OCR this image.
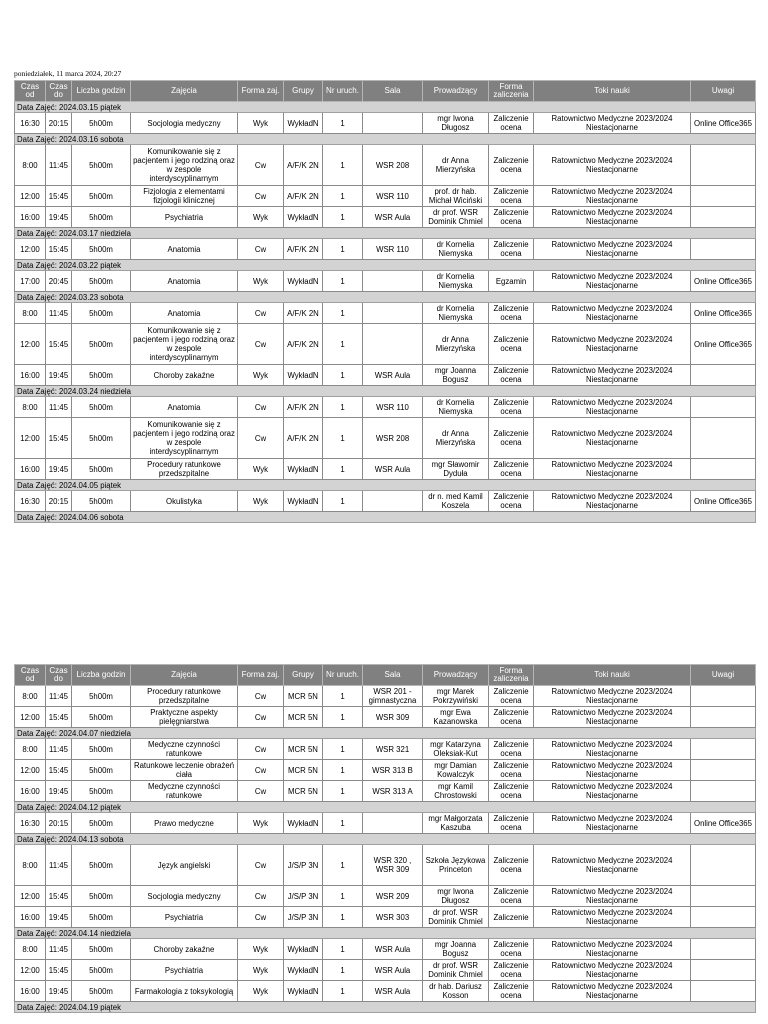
poniedziałek, 11 marca 2024, 20:27
Czas od	Czas do	Liczba godzin	Zajęcia	Forma zaj.	Grupy	Nr uruch.	Sala	Prowadzący	Forma zaliczenia	Toki nauki	Uwagi
Data Zajęć: 2024.03.15 piątek											
16:30	20:15	5h00m	Socjologia medyczny	Wyk	WykładN	1		mgr Iwona Długosz	Zaliczenie ocena	Ratownictwo Medyczne 2023/2024 Niestacjonarne	Online Office365
Data Zajęć: 2024.03.16 sobota											
8:00	11:45	5h00m	Komunikowanie się z pacjentem i jego rodziną oraz w zespole interdyscyplinarnym	Cw	A/F/K 2N	1	WSR 208	dr Anna Mierzyńska	Zaliczenie ocena	Ratownictwo Medyczne 2023/2024 Niestacjonarne	
12:00	15:45	5h00m	Fizjologia z elementami fizjologii klinicznej	Cw	A/F/K 2N	1	WSR 110	prof. dr hab. Michał Wiciński	Zaliczenie ocena	Ratownictwo Medyczne 2023/2024 Niestacjonarne	
16:00	19:45	5h00m	Psychiatria	Wyk	WykładN	1	WSR Aula	dr prof. WSR Dominik Chmiel	Zaliczenie ocena	Ratownictwo Medyczne 2023/2024 Niestacjonarne	
Data Zajęć: 2024.03.17 niedziela											
12:00	15:45	5h00m	Anatomia	Cw	A/F/K 2N	1	WSR 110	dr Kornelia Niemyska	Zaliczenie ocena	Ratownictwo Medyczne 2023/2024 Niestacjonarne	
Data Zajęć: 2024.03.22 piątek											
17:00	20:45	5h00m	Anatomia	Wyk	WykładN	1		dr Kornelia Niemyska	Egzamin	Ratownictwo Medyczne 2023/2024 Niestacjonarne	Online Office365
Data Zajęć: 2024.03.23 sobota											
8:00	11:45	5h00m	Anatomia	Cw	A/F/K 2N	1		dr Kornelia Niemyska	Zaliczenie ocena	Ratownictwo Medyczne 2023/2024 Niestacjonarne	Online Office365
12:00	15:45	5h00m	Komunikowanie się z pacjentem i jego rodziną oraz w zespole interdyscyplinarnym	Cw	A/F/K 2N	1		dr Anna Mierzyńska	Zaliczenie ocena	Ratownictwo Medyczne 2023/2024 Niestacjonarne	Online Office365
16:00	19:45	5h00m	Choroby zakaźne	Wyk	WykładN	1	WSR Aula	mgr Joanna Bogusz	Zaliczenie ocena	Ratownictwo Medyczne 2023/2024 Niestacjonarne	
Data Zajęć: 2024.03.24 niedziela											
8:00	11:45	5h00m	Anatomia	Cw	A/F/K 2N	1	WSR 110	dr Kornelia Niemyska	Zaliczenie ocena	Ratownictwo Medyczne 2023/2024 Niestacjonarne	
12:00	15:45	5h00m	Komunikowanie się z pacjentem i jego rodziną oraz w zespole interdyscyplinarnym	Cw	A/F/K 2N	1	WSR 208	dr Anna Mierzyńska	Zaliczenie ocena	Ratownictwo Medyczne 2023/2024 Niestacjonarne	
16:00	19:45	5h00m	Procedury ratunkowe przedszpitalne	Wyk	WykładN	1	WSR Aula	mgr Sławomir Dyduła	Zaliczenie ocena	Ratownictwo Medyczne 2023/2024 Niestacjonarne	
Data Zajęć: 2024.04.05 piątek											
16:30	20:15	5h00m	Okulistyka	Wyk	WykładN	1		dr n. med Kamil Koszela	Zaliczenie ocena	Ratownictwo Medyczne 2023/2024 Niestacjonarne	Online Office365
Data Zajęć: 2024.04.06 sobota											
Czas od	Czas do	Liczba godzin	Zajęcia	Forma zaj.	Grupy	Nr uruch.	Sala	Prowadzący	Forma zaliczenia	Toki nauki	Uwagi
8:00	11:45	5h00m	Procedury ratunkowe przedszpitalne	Cw	MCR 5N	1	WSR 201 - gimnastyczna	mgr Marek Pokrzywiński	Zaliczenie ocena	Ratownictwo Medyczne 2023/2024 Niestacjonarne	
12:00	15:45	5h00m	Praktyczne aspekty pielęgniarstwa	Cw	MCR 5N	1	WSR 309	mgr Ewa Kazanowska	Zaliczenie ocena	Ratownictwo Medyczne 2023/2024 Niestacjonarne	
Data Zajęć: 2024.04.07 niedziela											
8:00	11:45	5h00m	Medyczne czynności ratunkowe	Cw	MCR 5N	1	WSR 321	mgr Katarzyna Oleksiak-Kut	Zaliczenie ocena	Ratownictwo Medyczne 2023/2024 Niestacjonarne	
12:00	15:45	5h00m	Ratunkowe leczenie obrażeń ciała	Cw	MCR 5N	1	WSR 313 B	mgr Damian Kowalczyk	Zaliczenie ocena	Ratownictwo Medyczne 2023/2024 Niestacjonarne	
16:00	19:45	5h00m	Medyczne czynności ratunkowe	Cw	MCR 5N	1	WSR 313 A	mgr Kamil Chrostowski	Zaliczenie ocena	Ratownictwo Medyczne 2023/2024 Niestacjonarne	
Data Zajęć: 2024.04.12 piątek											
16:30	20:15	5h00m	Prawo medyczne	Wyk	WykładN	1		mgr Małgorzata Kaszuba	Zaliczenie ocena	Ratownictwo Medyczne 2023/2024 Niestacjonarne	Online Office365
Data Zajęć: 2024.04.13 sobota											
8:00	11:45	5h00m	Język angielski	Cw	J/S/P 3N	1	WSR 320 , WSR 309	Szkoła Językowa Princeton	Zaliczenie ocena	Ratownictwo Medyczne 2023/2024 Niestacjonarne	
12:00	15:45	5h00m	Socjologia medyczny	Cw	J/S/P 3N	1	WSR 209	mgr Iwona Długosz	Zaliczenie ocena	Ratownictwo Medyczne 2023/2024 Niestacjonarne	
16:00	19:45	5h00m	Psychiatria	Cw	J/S/P 3N	1	WSR 303	dr prof. WSR Dominik Chmiel	Zaliczenie	Ratownictwo Medyczne 2023/2024 Niestacjonarne	
Data Zajęć: 2024.04.14 niedziela											
8:00	11:45	5h00m	Choroby zakaźne	Wyk	WykładN	1	WSR Aula	mgr Joanna Bogusz	Zaliczenie ocena	Ratownictwo Medyczne 2023/2024 Niestacjonarne	
12:00	15:45	5h00m	Psychiatria	Wyk	WykładN	1	WSR Aula	dr prof. WSR Dominik Chmiel	Zaliczenie ocena	Ratownictwo Medyczne 2023/2024 Niestacjonarne	
16:00	19:45	5h00m	Farmakologia z toksykologią	Wyk	WykładN	1	WSR Aula	dr hab. Dariusz Kosson	Zaliczenie ocena	Ratownictwo Medyczne 2023/2024 Niestacjonarne	
Data Zajęć: 2024.04.19 piątek											
